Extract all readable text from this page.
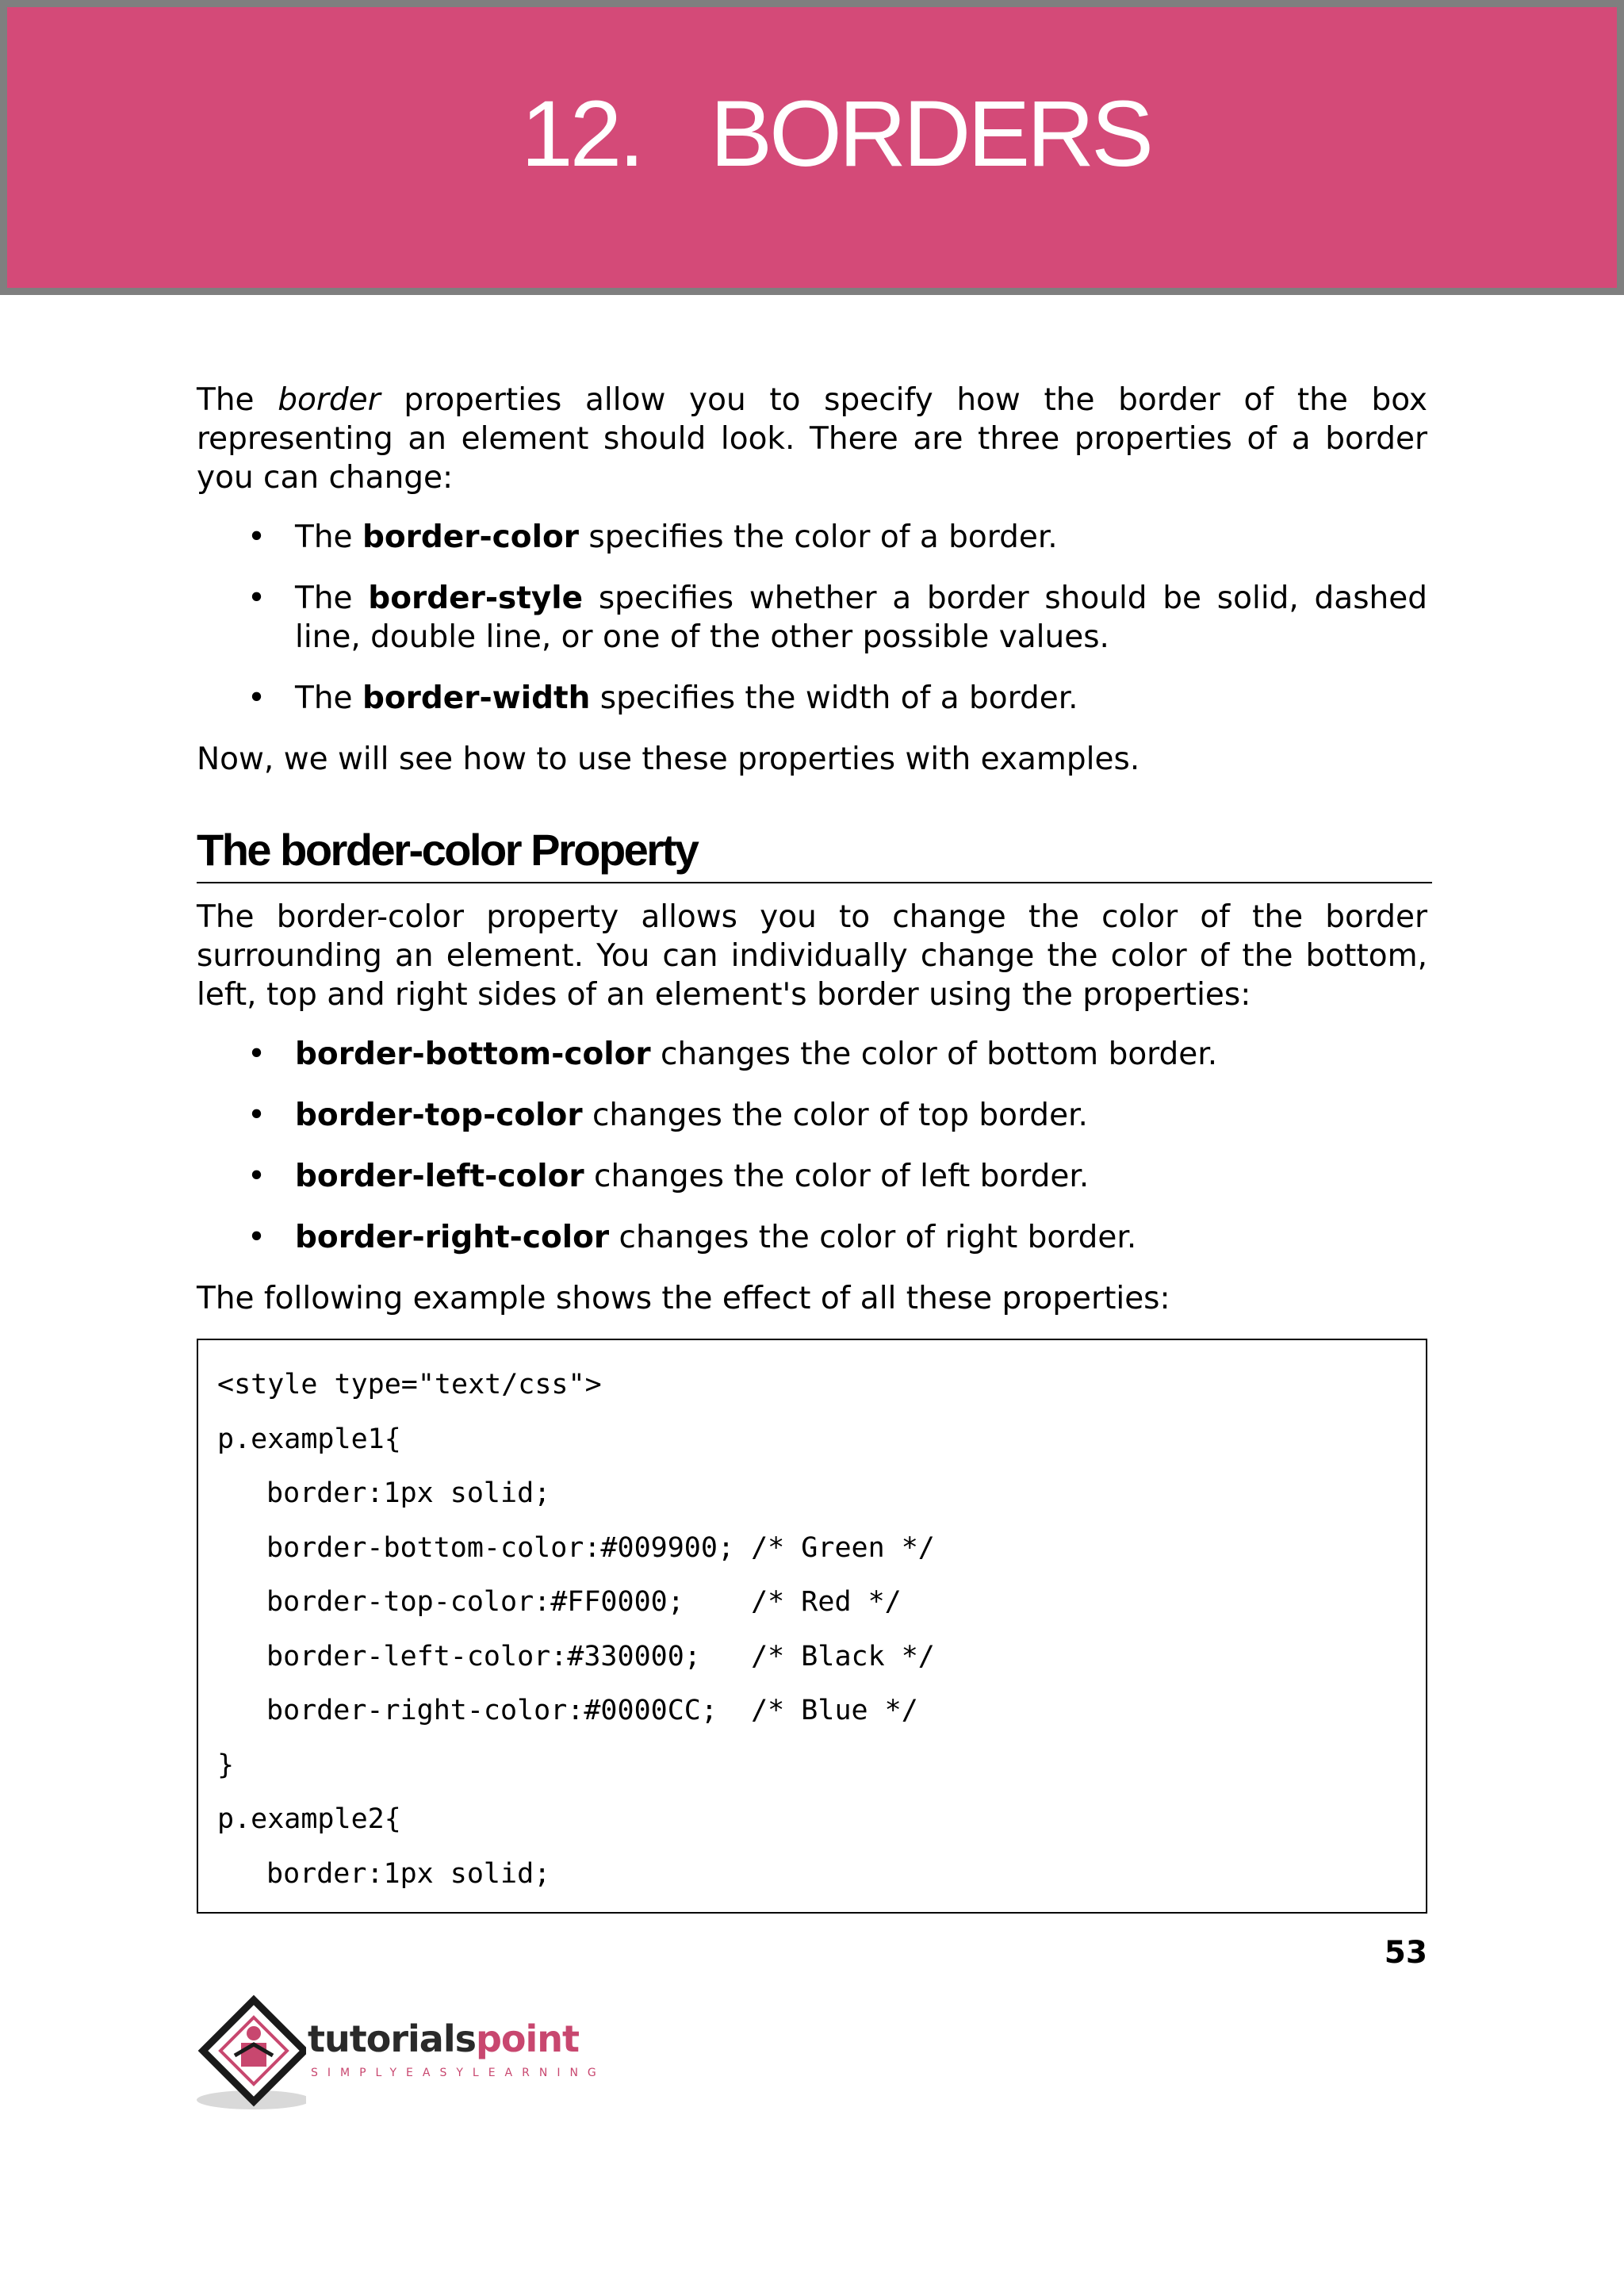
12.   BORDERS

The border properties allow you to specify how the border of the box representing an element should look. There are three properties of a border you can change:

• The border-color specifies the color of a border.
• The border-style specifies whether a border should be solid, dashed line, double line, or one of the other possible values.
• The border-width specifies the width of a border.

Now, we will see how to use these properties with examples.

The border-color Property

The border-color property allows you to change the color of the border surrounding an element. You can individually change the color of the bottom, left, top and right sides of an element's border using the properties:

• border-bottom-color changes the color of bottom border.
• border-top-color changes the color of top border.
• border-left-color changes the color of left border.
• border-right-color changes the color of right border.

The following example shows the effect of all these properties:

<style type="text/css">
p.example1{
border:1px solid;
border-bottom-color:#009900; /* Green */
border-top-color:#FF0000;    /* Red */
border-left-color:#330000;   /* Black */
border-right-color:#0000CC;  /* Blue */
}
p.example2{
border:1px solid;
53
tutorialspoint
SIMPLYEASYLEARNING
